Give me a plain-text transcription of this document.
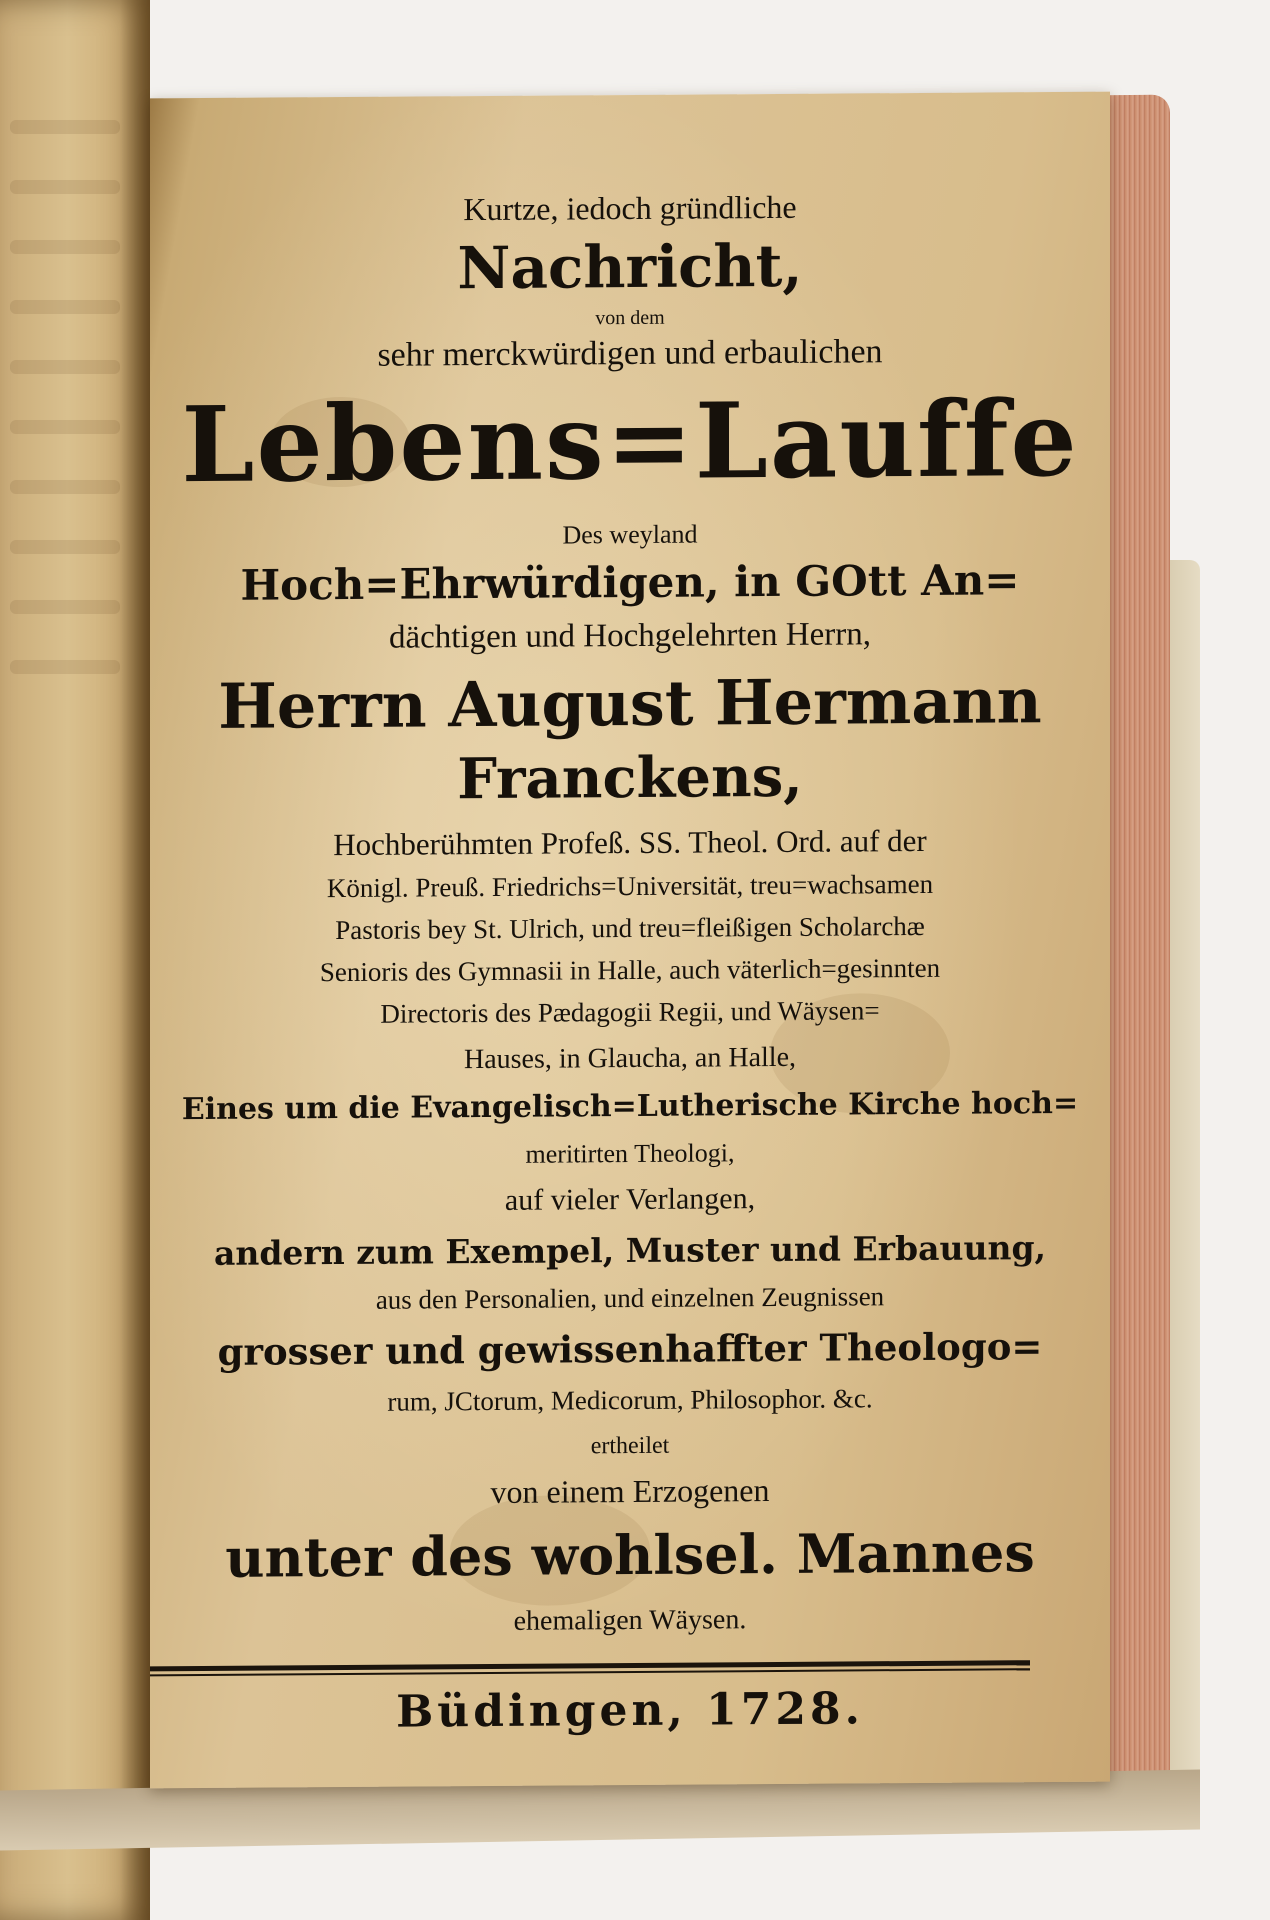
Kurtze, iedoch gründliche
Nachricht,
von dem
sehr merckwürdigen und erbaulichen
Lebens=Lauffe
Des weyland
Hoch=Ehrwürdigen, in GOtt An=
dächtigen und Hochgelehrten Herrn,
Herrn August Hermann
Franckens,
Hochberühmten Profeß. SS. Theol. Ord. auf der
Königl. Preuß. Friedrichs=Universität, treu=wachsamen
Pastoris bey St. Ulrich, und treu=fleißigen Scholarchæ
Senioris des Gymnasii in Halle, auch väterlich=gesinnten
Directoris des Pædagogii Regii, und Wäysen=
Hauses, in Glaucha, an Halle,
Eines um die Evangelisch=Lutherische Kirche hoch=
meritirten Theologi,
auf vieler Verlangen,
andern zum Exempel, Muster und Erbauung,
aus den Personalien, und einzelnen Zeugnissen
grosser und gewissenhaffter Theologo=
rum, JCtorum, Medicorum, Philosophor. &c.
ertheilet
von einem Erzogenen
unter des wohlsel. Mannes
ehemaligen Wäysen.
Büdingen, 1728.
